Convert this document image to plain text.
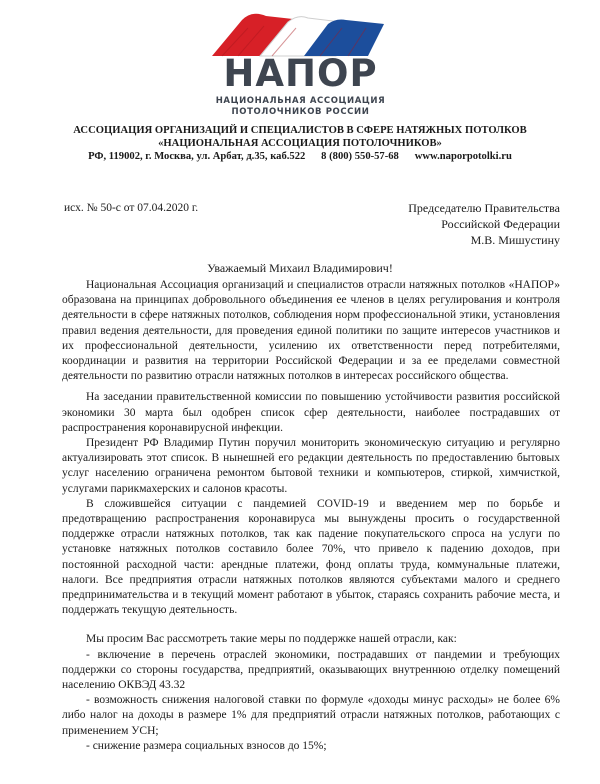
НАПОР
НАЦИОНАЛЬНАЯ АССОЦИАЦИЯ
ПОТОЛОЧНИКОВ РОССИИ
АССОЦИАЦИЯ ОРГАНИЗАЦИЙ И СПЕЦИАЛИСТОВ В СФЕРЕ НАТЯЖНЫХ ПОТОЛКОВ
«НАЦИОНАЛЬНАЯ АССОЦИАЦИЯ ПОТОЛОЧНИКОВ»
РФ, 119002, г. Москва, ул. Арбат, д.35, каб.522      8 (800) 550-57-68      www.naporpotolki.ru
исх. № 50-с от 07.04.2020 г.	Председателю Правительства
Российской Федерации
М.В. Мишустину
Уважаемый Михаил Владимирович!

Национальная Ассоциация организаций и специалистов отрасли натяжных потолков «НАПОР» образована на принципах добровольного объединения ее членов в целях регулирования и контроля деятельности в сфере натяжных потолков, соблюдения норм профессиональной этики, установления правил ведения деятельности, для проведения единой политики по защите интересов участников и их профессиональной деятельности, усилению их ответственности перед потребителями, координации и развития на территории Российской Федерации и за ее пределами совместной деятельности по развитию отрасли натяжных потолков в интересах российского общества.

На заседании правительственной комиссии по повышению устойчивости развития российской экономики 30 марта был одобрен список сфер деятельности, наиболее пострадавших от распространения коронавирусной инфекции.

Президент РФ Владимир Путин поручил мониторить экономическую ситуацию и регулярно актуализировать этот список. В нынешней его редакции деятельность по предоставлению бытовых услуг населению ограничена ремонтом бытовой техники и компьютеров, стиркой, химчисткой, услугами парикмахерских и салонов красоты.

В сложившейся ситуации с пандемией COVID-19 и введением мер по борьбе и предотвращению распространения коронавируса мы вынуждены просить о государственной поддержке отрасли натяжных потолков, так как падение покупательского спроса на услуги по установке натяжных потолков составило более 70%, что привело к падению доходов, при постоянной расходной части: арендные платежи, фонд оплаты труда, коммунальные платежи, налоги. Все предприятия отрасли натяжных потолков являются субъектами малого и среднего предпринимательства и в текущий момент работают в убыток, стараясь сохранить рабочие места, и поддержать текущую деятельность.

Мы просим Вас рассмотреть такие меры по поддержке нашей отрасли, как:

- включение в перечень отраслей экономики, пострадавших от пандемии и требующих поддержки со стороны государства, предприятий, оказывающих внутреннюю отделку помещений населению ОКВЭД 43.32

- возможность снижения налоговой ставки по формуле «доходы минус расходы» не более 6% либо налог на доходы в размере 1% для предприятий отрасли натяжных потолков, работающих с применением УСН;

- снижение размера социальных взносов до 15%;
